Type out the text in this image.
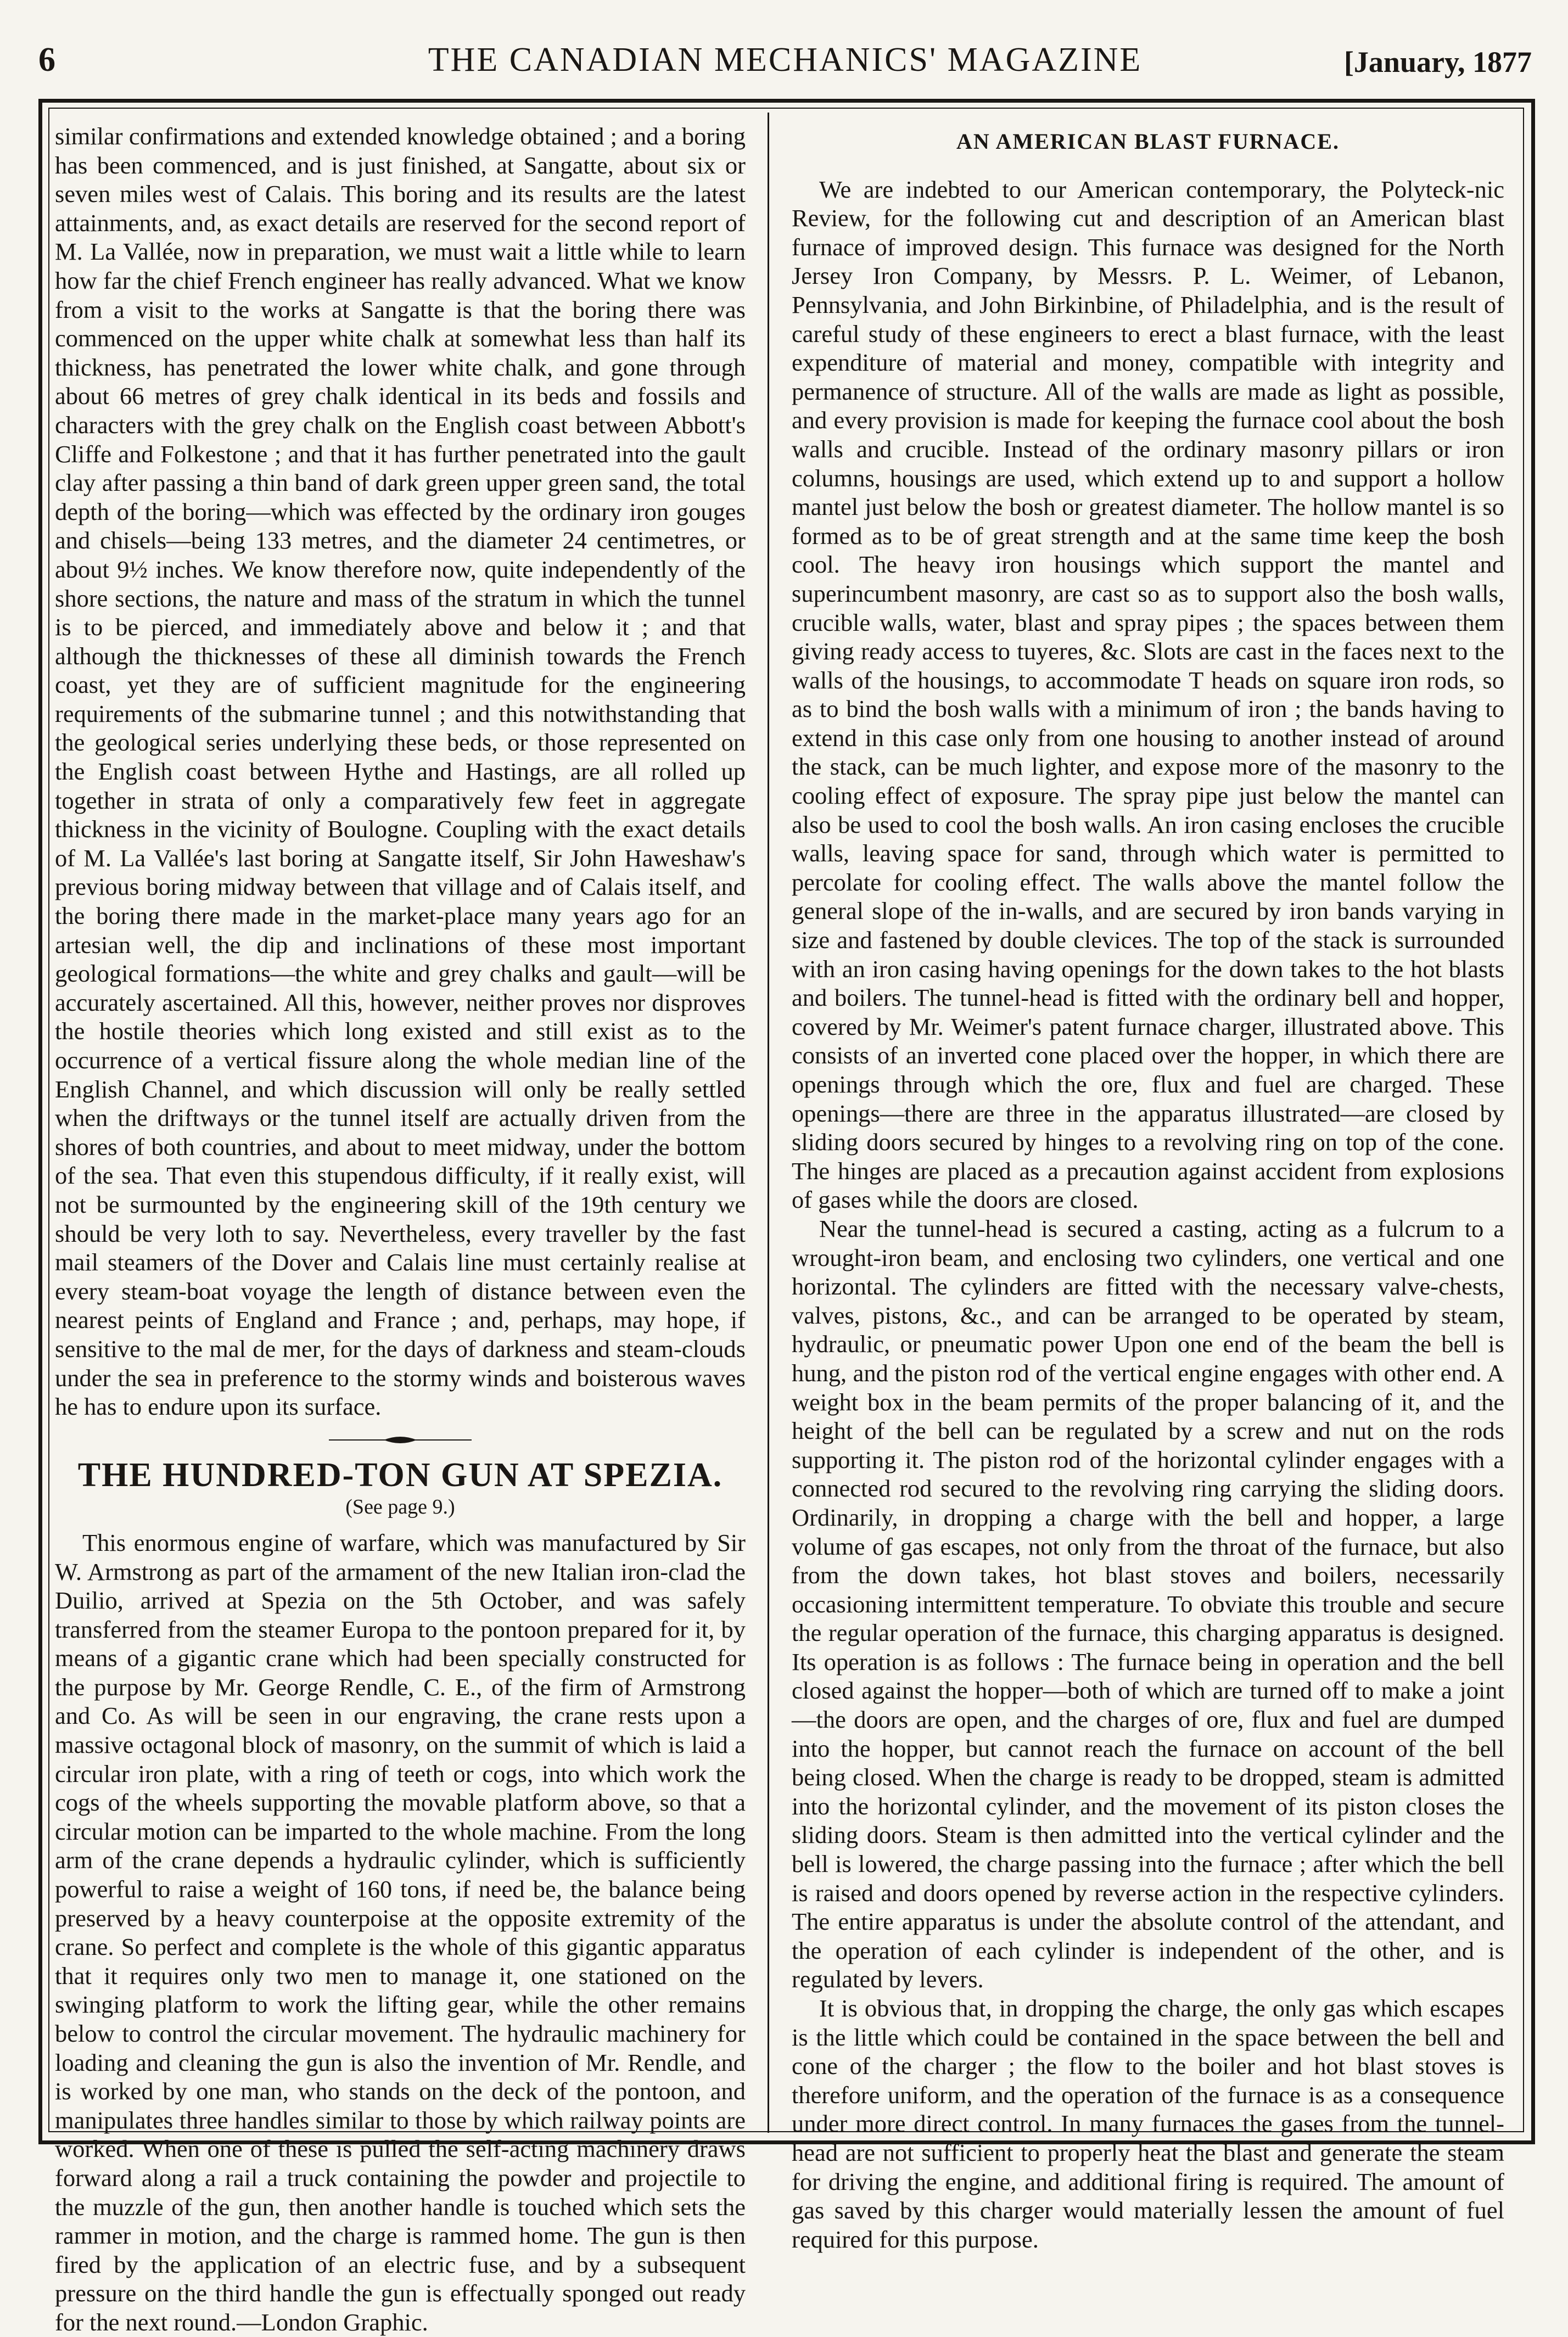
6	THE CANADIAN MECHANICS' MAGAZINE	[January, 1877

similar confirmations and extended knowledge obtained ; and a boring has been commenced, and is just finished, at Sangatte, about six or seven miles west of Calais. This boring and its results are the latest attainments, and, as exact details are reserved for the second report of M. La Vallée, now in preparation, we must wait a little while to learn how far the chief French engineer has really advanced. What we know from a visit to the works at Sangatte is that the boring there was commenced on the upper white chalk at somewhat less than half its thickness, has penetrated the lower white chalk, and gone through about 66 metres of grey chalk identical in its beds and fossils and characters with the grey chalk on the English coast between Abbott's Cliffe and Folkestone ; and that it has further penetrated into the gault clay after passing a thin band of dark green upper green sand, the total depth of the boring—which was effected by the ordinary iron gouges and chisels—being 133 metres, and the diameter 24 centimetres, or about 9½ inches. We know therefore now, quite independently of the shore sections, the nature and mass of the stratum in which the tunnel is to be pierced, and immediately above and below it ; and that although the thicknesses of these all diminish towards the French coast, yet they are of sufficient magnitude for the engineering requirements of the submarine tunnel ; and this notwithstanding that the geological series underlying these beds, or those represented on the English coast between Hythe and Hastings, are all rolled up together in strata of only a comparatively few feet in aggregate thickness in the vicinity of Boulogne. Coupling with the exact details of M. La Vallée's last boring at Sangatte itself, Sir John Haweshaw's previous boring midway between that village and of Calais itself, and the boring there made in the market-place many years ago for an artesian well, the dip and inclinations of these most important geological formations—the white and grey chalks and gault—will be accurately ascertained. All this, however, neither proves nor disproves the hostile theories which long existed and still exist as to the occurrence of a vertical fissure along the whole median line of the English Channel, and which discussion will only be really settled when the driftways or the tunnel itself are actually driven from the shores of both countries, and about to meet midway, under the bottom of the sea. That even this stupendous difficulty, if it really exist, will not be surmounted by the engineering skill of the 19th century we should be very loth to say. Nevertheless, every traveller by the fast mail steamers of the Dover and Calais line must certainly realise at every steam-boat voyage the length of distance between even the nearest peints of England and France ; and, perhaps, may hope, if sensitive to the mal de mer, for the days of darkness and steam-clouds under the sea in preference to the stormy winds and boisterous waves he has to endure upon its surface.

THE HUNDRED-TON GUN AT SPEZIA.
(See page 9.)

This enormous engine of warfare, which was manufactured by Sir W. Armstrong as part of the armament of the new Italian iron-clad the Duilio, arrived at Spezia on the 5th October, and was safely transferred from the steamer Europa to the pontoon prepared for it, by means of a gigantic crane which had been specially constructed for the purpose by Mr. George Rendle, C. E., of the firm of Armstrong and Co. As will be seen in our engraving, the crane rests upon a massive octagonal block of masonry, on the summit of which is laid a circular iron plate, with a ring of teeth or cogs, into which work the cogs of the wheels supporting the movable platform above, so that a circular motion can be imparted to the whole machine. From the long arm of the crane depends a hydraulic cylinder, which is sufficiently powerful to raise a weight of 160 tons, if need be, the balance being preserved by a heavy counterpoise at the opposite extremity of the crane. So perfect and complete is the whole of this gigantic apparatus that it requires only two men to manage it, one stationed on the swinging platform to work the lifting gear, while the other remains below to control the circular movement. The hydraulic machinery for loading and cleaning the gun is also the invention of Mr. Rendle, and is worked by one man, who stands on the deck of the pontoon, and manipulates three handles similar to those by which railway points are worked. When one of these is pulled the self-acting machinery draws forward along a rail a truck containing the powder and projectile to the muzzle of the gun, then another handle is touched which sets the rammer in motion, and the charge is rammed home. The gun is then fired by the application of an electric fuse, and by a subsequent pressure on the third handle the gun is effectually sponged out ready for the next round.—London Graphic.

AN AMERICAN BLAST FURNACE.

We are indebted to our American contemporary, the Polyteck-nic Review, for the following cut and description of an American blast furnace of improved design. This furnace was designed for the North Jersey Iron Company, by Messrs. P. L. Weimer, of Lebanon, Pennsylvania, and John Birkinbine, of Philadelphia, and is the result of careful study of these engineers to erect a blast furnace, with the least expenditure of material and money, compatible with integrity and permanence of structure. All of the walls are made as light as possible, and every provision is made for keeping the furnace cool about the bosh walls and crucible. Instead of the ordinary masonry pillars or iron columns, housings are used, which extend up to and support a hollow mantel just below the bosh or greatest diameter. The hollow mantel is so formed as to be of great strength and at the same time keep the bosh cool. The heavy iron housings which support the mantel and superincumbent masonry, are cast so as to support also the bosh walls, crucible walls, water, blast and spray pipes ; the spaces between them giving ready access to tuyeres, &c. Slots are cast in the faces next to the walls of the housings, to accommodate T heads on square iron rods, so as to bind the bosh walls with a minimum of iron ; the bands having to extend in this case only from one housing to another instead of around the stack, can be much lighter, and expose more of the masonry to the cooling effect of exposure. The spray pipe just below the mantel can also be used to cool the bosh walls. An iron casing encloses the crucible walls, leaving space for sand, through which water is permitted to percolate for cooling effect. The walls above the mantel follow the general slope of the in-walls, and are secured by iron bands varying in size and fastened by double clevices. The top of the stack is surrounded with an iron casing having openings for the down takes to the hot blasts and boilers. The tunnel-head is fitted with the ordinary bell and hopper, covered by Mr. Weimer's patent furnace charger, illustrated above. This consists of an inverted cone placed over the hopper, in which there are openings through which the ore, flux and fuel are charged. These openings—there are three in the apparatus illustrated—are closed by sliding doors secured by hinges to a revolving ring on top of the cone. The hinges are placed as a precaution against accident from explosions of gases while the doors are closed.

Near the tunnel-head is secured a casting, acting as a fulcrum to a wrought-iron beam, and enclosing two cylinders, one vertical and one horizontal. The cylinders are fitted with the necessary valve-chests, valves, pistons, &c., and can be arranged to be operated by steam, hydraulic, or pneumatic power Upon one end of the beam the bell is hung, and the piston rod of the vertical engine engages with other end. A weight box in the beam permits of the proper balancing of it, and the height of the bell can be regulated by a screw and nut on the rods supporting it. The piston rod of the horizontal cylinder engages with a connected rod secured to the revolving ring carrying the sliding doors. Ordinarily, in dropping a charge with the bell and hopper, a large volume of gas escapes, not only from the throat of the furnace, but also from the down takes, hot blast stoves and boilers, necessarily occasioning intermittent temperature. To obviate this trouble and secure the regular operation of the furnace, this charging apparatus is designed. Its operation is as follows : The furnace being in operation and the bell closed against the hopper—both of which are turned off to make a joint —the doors are open, and the charges of ore, flux and fuel are dumped into the hopper, but cannot reach the furnace on account of the bell being closed. When the charge is ready to be dropped, steam is admitted into the horizontal cylinder, and the movement of its piston closes the sliding doors. Steam is then admitted into the vertical cylinder and the bell is lowered, the charge passing into the furnace ; after which the bell is raised and doors opened by reverse action in the respective cylinders. The entire apparatus is under the absolute control of the attendant, and the operation of each cylinder is independent of the other, and is regulated by levers.

It is obvious that, in dropping the charge, the only gas which escapes is the little which could be contained in the space between the bell and cone of the charger ; the flow to the boiler and hot blast stoves is therefore uniform, and the operation of the furnace is as a consequence under more direct control. In many furnaces the gases from the tunnel-head are not sufficient to properly heat the blast and generate the steam for driving the engine, and additional firing is required. The amount of gas saved by this charger would materially lessen the amount of fuel required for this purpose.
